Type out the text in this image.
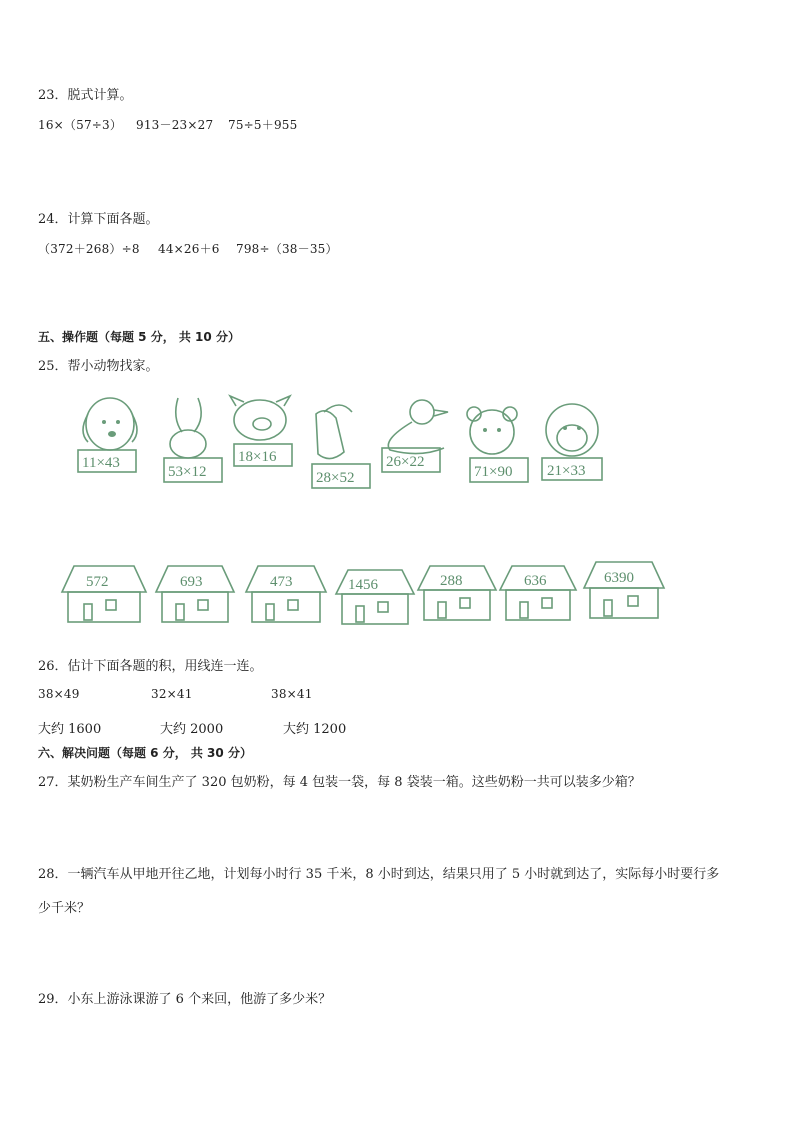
23．脱式计算。
16×（57÷3） 913－23×27 75÷5＋955
24．计算下面各题。
（372＋268）÷8 44×26＋6 798÷（38－35）
五、操作题（每题 5 分， 共 10 分）
25．帮小动物找家。
11×43
53×12
18×16
28×52
26×22
71×90 21×33
572	693	473	1456	288	636	6390
26．估计下面各题的积，用线连一连。
38×49	32×41	38×41
大约 1600	大约 2000	大约 1200
六、解决问题（每题 6 分， 共 30 分）
27．某奶粉生产车间生产了 320 包奶粉，每 4 包装一袋，每 8 袋装一箱。这些奶粉一共可以装多少箱？
28．一辆汽车从甲地开往乙地，计划每小时行 35 千米，8 小时到达，结果只用了 5 小时就到达了，实际每小时要行多
少千米？
29．小东上游泳课游了 6 个来回，他游了多少米？
